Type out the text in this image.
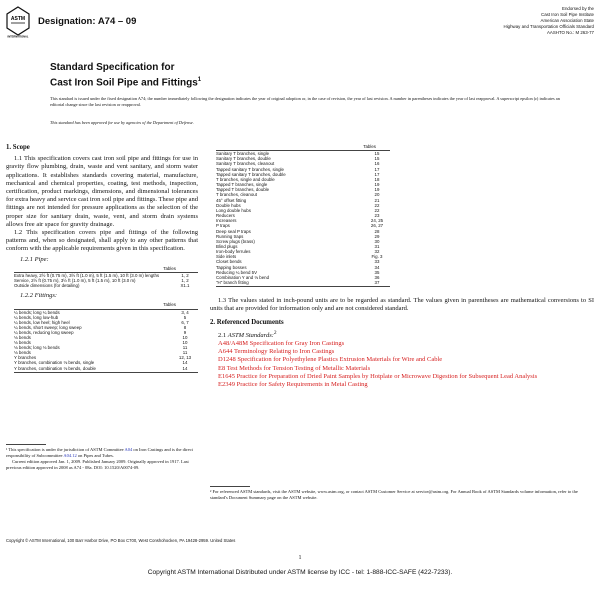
ASTM
INTERNATIONAL
Designation: A74 – 09
Endorsed by the
Cast Iron Soil Pipe Institute
American Association State
Highway and Transportation Officials Standard
AASHTO No.: M 263-77
Standard Specification for
Cast Iron Soil Pipe and Fittings$^1$
This standard is issued under the fixed designation A74; the number immediately following the designation indicates the year of original adoption or, in the case of revision, the year of last revision. A number in parentheses indicates the year of last reapproval. A superscript epsilon (ε) indicates an editorial change since the last revision or reapproval.
This standard has been approved for use by agencies of the Department of Defense.
1. Scope
1.1 This specification covers cast iron soil pipe and fittings for use in gravity flow plumbing, drain, waste and vent sanitary, and storm water applications. It establishes standards covering material, manufacture, mechanical and chemical properties, coating, test methods, inspection, certification, product markings, dimensions, and dimensional tolerances for extra heavy and service cast iron soil pipe and fittings. These pipe and fittings are not intended for pressure applications as the selection of the proper size for sanitary drain, waste, vent, and storm drain systems allows free air space for gravity drainage.
1.2 This specification covers pipe and fittings of the following patterns and, when so designated, shall apply to any other patterns that conform with the applicable requirements given in this specification.
1.2.1 Pipe:
Tables
Extra heavy, 2½ ft (0.75 m), 3½ ft (1.0 m), 5 ft (1.5 m), 10 ft (3.0 m) lengths	1, 2
Service, 2½ ft (0.75 m), 3½ ft (1.0 m), 5 ft (1.5 m), 10 ft (3.0 m)	1, 2
Outside dimensions (for detailing)	X1.1
1.2.2 Fittings:
Tables
¼ bends; long ¼ bends	3, 4
¼ bends, long low-hub	5
¼ bends, low heel; high heel	6, 7
¼ bends, short sweep; long sweep	8
¼ bends, reducing long sweep	9
⅛ bends	10
⅛ bends	10
⅛ bends; long ⅛ bends	11
⅛ bends	11
Y branches	12, 13
Y branches, combination ⅛ bends, single	14
Y branches, combination ⅛ bends, double	14
¹ This specification is under the jurisdiction of ASTM Committee A04 on Iron Castings and is the direct responsibility of Subcommittee A04.12 on Pipes and Tubes.
Current edition approved Jan. 1, 2009. Published January 2009. Originally approved in 1917. Last previous edition approved in 2008 as A74 - 08a. DOI: 10.1520/A0074-09.
Tables
Sanitary T branches, single	15
Sanitary T branches, double	15
Sanitary T branches, cleanout	16
Tapped sanitary T branches, single	17
Tapped sanitary T branches, double	17
T branches, single and double	18
Tapped T branches, single	19
Tapped T branches, double	19
T branches, cleanout	20
45° offset fitting	21
Double hubs	22
Long double hubs	22
Reducers	23
Increasers	24, 25
P traps	26, 27
Deep seal P traps	28
Running traps	29
Screw plugs (brass)	30
Blind plugs	31
Iron-body ferrules	32
Side inlets	Fig. 3
Closet bends	33
Tapping bosses	34
Reducing ¼ bend 5V	35
Combination Y and ⅛ bend	36
"H" branch fitting	37
1.3 The values stated in inch-pound units are to be regarded as standard. The values given in parentheses are mathematical conversions to SI units that are provided for information only and are not considered standard.
2. Referenced Documents
2.1 ASTM Standards:$^2$
A48/A48M Specification for Gray Iron Castings
A644 Terminology Relating to Iron Castings
D1248 Specification for Polyethylene Plastics Extrusion Materials for Wire and Cable
E8 Test Methods for Tension Testing of Metallic Materials
E1645 Practice for Preparation of Dried Paint Samples by Hotplate or Microwave Digestion for Subsequent Lead Analysis
E2349 Practice for Safety Requirements in Metal Casting
² For referenced ASTM standards, visit the ASTM website, www.astm.org, or contact ASTM Customer Service at service@astm.org. For Annual Book of ASTM Standards volume information, refer to the standard's Document Summary page on the ASTM website.
Copyright © ASTM International, 100 Barr Harbor Drive, PO Box C700, West Conshohocken, PA 19428-2959. United States
1
Copyright ASTM International Distributed under ASTM license by ICC - tel: 1-888-ICC-SAFE (422-7233).
